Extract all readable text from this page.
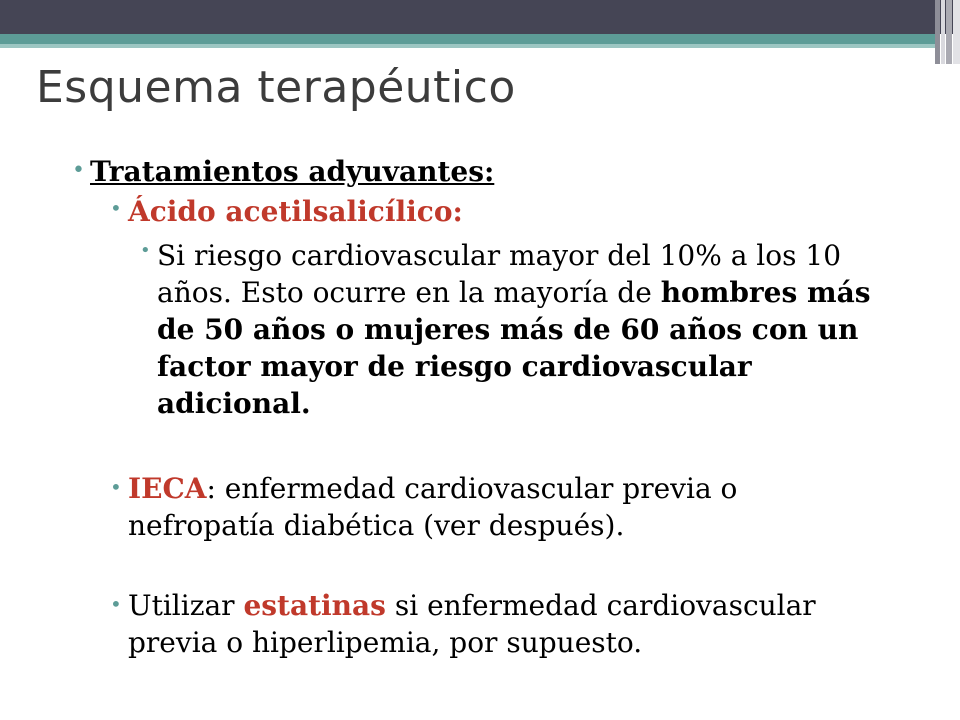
Esquema terapéutico
• Tratamientos adyuvantes:
• Ácido acetilsalicílico:
• Si riesgo cardiovascular mayor del 10% a los 10 años. Esto ocurre en la mayoría de hombres más de 50 años o mujeres más de 60 años con un factor mayor de riesgo cardiovascular adicional.
• IECA: enfermedad cardiovascular previa o nefropatía diabética (ver después).
• Utilizar estatinas si enfermedad cardiovascular previa o hiperlipemia, por supuesto.
